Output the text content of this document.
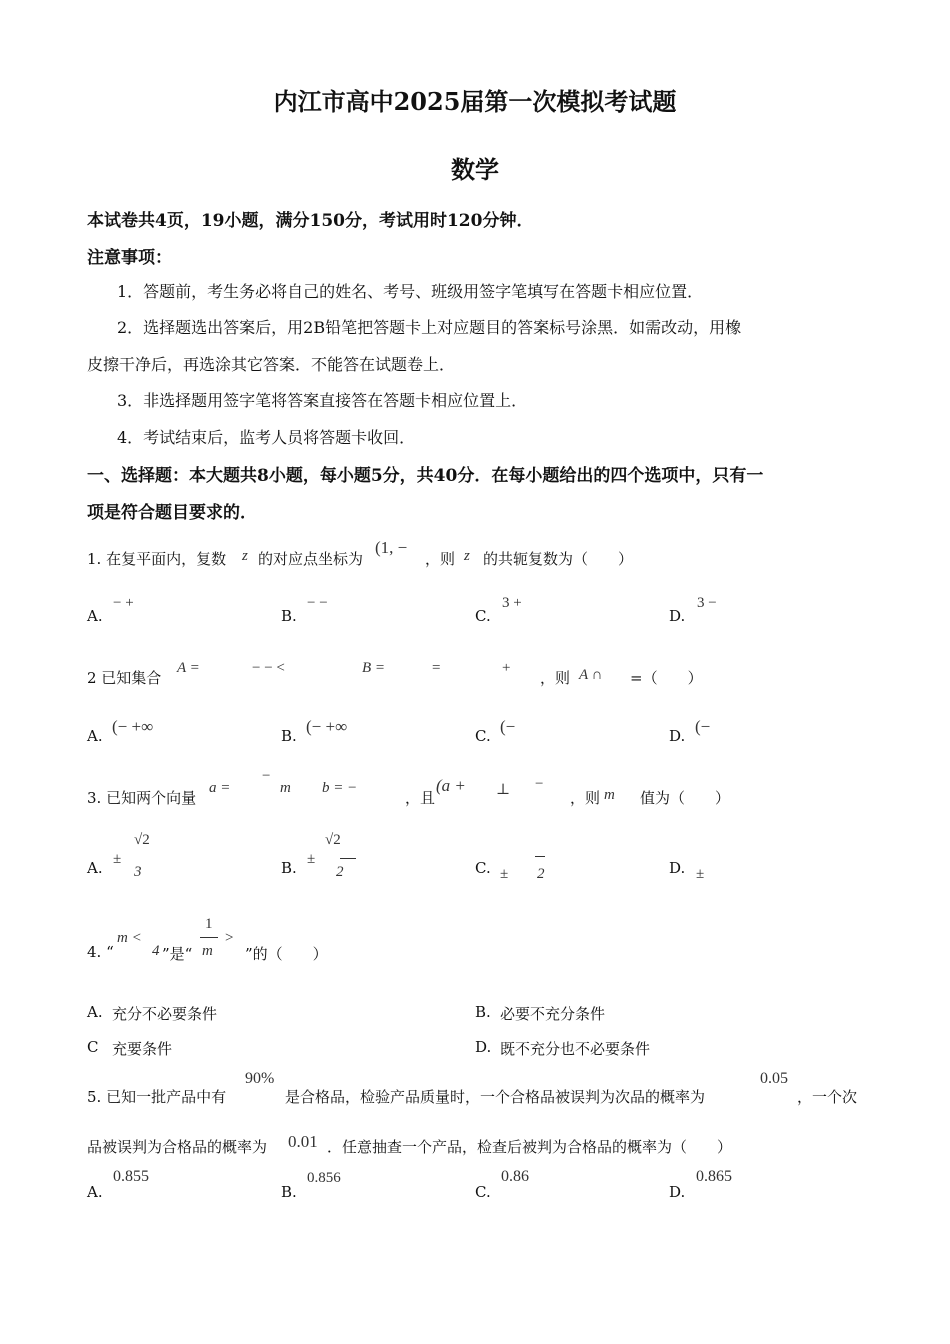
内江市高中2025届第一次模拟考试题
数学
本试卷共4页，19小题，满分150分，考试用时120分钟．
注意事项：
1．答题前，考生务必将自己的姓名、考号、班级用签字笔填写在答题卡相应位置．
2．选择题选出答案后，用2B铅笔把答题卡上对应题目的答案标号涂黑．如需改动，用橡
皮擦干净后，再选涂其它答案．不能答在试题卷上．
3．非选择题用签字笔将答案直接答在答题卡相应位置上．
4．考试结束后，监考人员将答题卡收回．
一、选择题：本大题共8小题，每小题5分，共40分．在每小题给出的四个选项中，只有一
项是符合题目要求的．
1. 在复平面内，复数 z 的对应点坐标为
(1, −
，则 z 的共轭复数为（　　）
A.
− +
B.
− −
C.
3 +
D.
3 −
2 已知集合
A =	− − <	B =	=	+
，则 A ∩ =（　　）
A. (− +∞	B. (− +∞	C. (−	D. (−
3. 已知两个向量
a =
−
m b = −
，且
(a + ⊥ −
，则 m 值为（　　）
A. ±
√2
3	B. ±
√2
2	C. ± 2	D. ±
4. “
m <
4 ”是“
1
m
>
”的（　　）
A. 充分不必要条件	B. 必要不充分条件
C 充要条件	D. 既不充分也不必要条件
5. 已知一批产品中有
90%
是合格品，检验产品质量时，一个合格品被误判为次品的概率为
0.05
，一个次
品被误判为合格品的概率为 0.01 ．任意抽查一个产品，检查后被判为合格品的概率为（　　）
A.
0.855
B.
0.856
C.
0.86
D.
0.865
